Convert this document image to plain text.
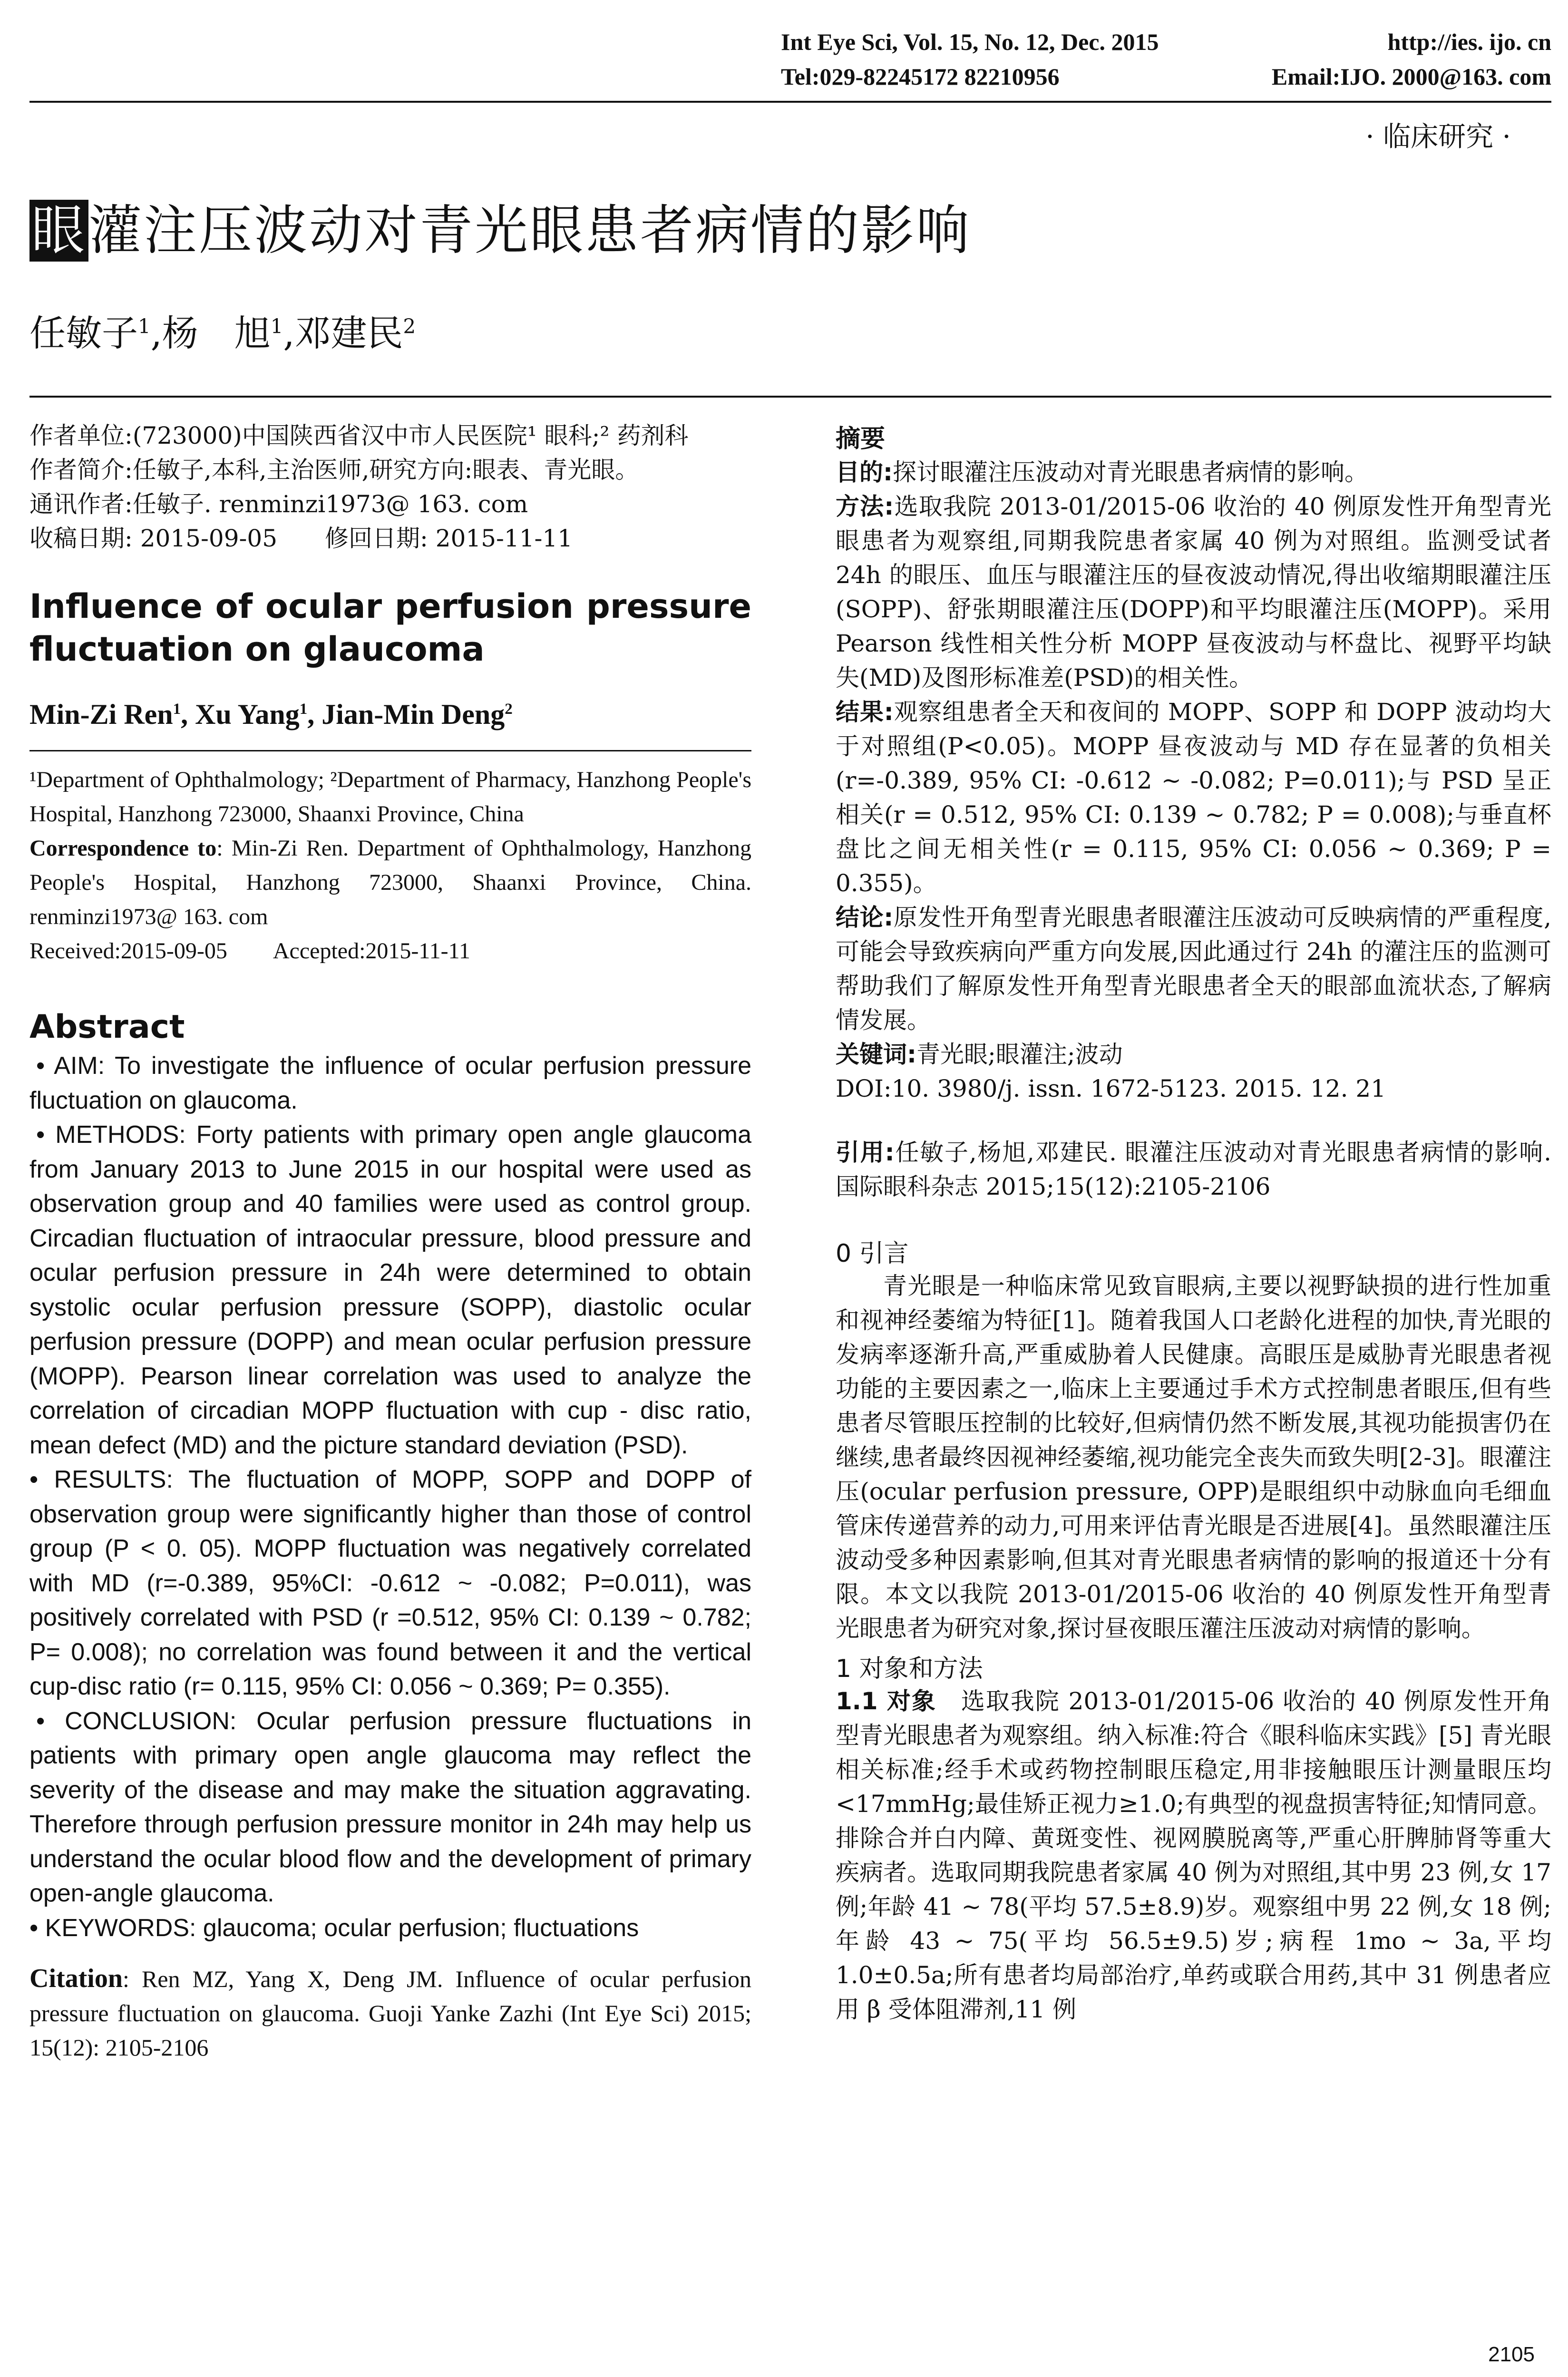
Int Eye Sci, Vol. 15, No. 12, Dec. 2015	http://ies. ijo. cn
Tel:029-82245172 82210956	Email:IJO. 2000@163. com
· 临床研究 ·
眼灌注压波动对青光眼患者病情的影响
任敏子$^1$,杨　旭$^1$,邓建民$^2$

作者单位:(723000)中国陕西省汉中市人民医院¹ 眼科;² 药剂科

作者简介:任敏子,本科,主治医师,研究方向:眼表、青光眼。

通讯作者:任敏子. renminzi1973@ 163. com

收稿日期: 2015-09-05　　修回日期: 2015-11-11

Influence of ocular perfusion pressure fluctuation on glaucoma
Min-Zi Ren$^1$, Xu Yang$^1$, Jian-Min Deng$^2$

¹Department of Ophthalmology; ²Department of Pharmacy, Hanzhong People's Hospital, Hanzhong 723000, Shaanxi Province, China

Correspondence to: Min-Zi Ren. Department of Ophthalmology, Hanzhong People's Hospital, Hanzhong 723000, Shaanxi Province, China. renminzi1973@ 163. com

Received:2015-09-05　　Accepted:2015-11-11

Abstract

• AIM: To investigate the influence of ocular perfusion pressure fluctuation on glaucoma.

• METHODS: Forty patients with primary open angle glaucoma from January 2013 to June 2015 in our hospital were used as observation group and 40 families were used as control group. Circadian fluctuation of intraocular pressure, blood pressure and ocular perfusion pressure in 24h were determined to obtain systolic ocular perfusion pressure (SOPP), diastolic ocular perfusion pressure (DOPP) and mean ocular perfusion pressure (MOPP). Pearson linear correlation was used to analyze the correlation of circadian MOPP fluctuation with cup - disc ratio, mean defect (MD) and the picture standard deviation (PSD).

• RESULTS: The fluctuation of MOPP, SOPP and DOPP of observation group were significantly higher than those of control group (P < 0. 05). MOPP fluctuation was negatively correlated with MD (r=-0.389, 95%CI: -0.612 ~ -0.082; P=0.011), was positively correlated with PSD (r =0.512, 95% CI: 0.139 ~ 0.782; P= 0.008); no correlation was found between it and the vertical cup-disc ratio (r= 0.115, 95% CI: 0.056 ~ 0.369; P= 0.355).

• CONCLUSION: Ocular perfusion pressure fluctuations in patients with primary open angle glaucoma may reflect the severity of the disease and may make the situation aggravating. Therefore through perfusion pressure monitor in 24h may help us understand the ocular blood flow and the development of primary open-angle glaucoma.

• KEYWORDS: glaucoma; ocular perfusion; fluctuations

Citation: Ren MZ, Yang X, Deng JM. Influence of ocular perfusion pressure fluctuation on glaucoma. Guoji Yanke Zazhi (Int Eye Sci) 2015; 15(12): 2105-2106
摘要

目的:探讨眼灌注压波动对青光眼患者病情的影响。

方法:选取我院 2013-01/2015-06 收治的 40 例原发性开角型青光眼患者为观察组,同期我院患者家属 40 例为对照组。监测受试者 24h 的眼压、血压与眼灌注压的昼夜波动情况,得出收缩期眼灌注压(SOPP)、舒张期眼灌注压(DOPP)和平均眼灌注压(MOPP)。采用 Pearson 线性相关性分析 MOPP 昼夜波动与杯盘比、视野平均缺失(MD)及图形标准差(PSD)的相关性。

结果:观察组患者全天和夜间的 MOPP、SOPP 和 DOPP 波动均大于对照组(P<0.05)。MOPP 昼夜波动与 MD 存在显著的负相关(r=-0.389, 95% CI: -0.612 ~ -0.082; P=0.011);与 PSD 呈正相关(r = 0.512, 95% CI: 0.139 ~ 0.782; P = 0.008);与垂直杯盘比之间无相关性(r = 0.115, 95% CI: 0.056 ~ 0.369; P = 0.355)。

结论:原发性开角型青光眼患者眼灌注压波动可反映病情的严重程度,可能会导致疾病向严重方向发展,因此通过行 24h 的灌注压的监测可帮助我们了解原发性开角型青光眼患者全天的眼部血流状态,了解病情发展。

关键词:青光眼;眼灌注;波动

DOI:10. 3980/j. issn. 1672-5123. 2015. 12. 21

引用:任敏子,杨旭,邓建民. 眼灌注压波动对青光眼患者病情的影响. 国际眼科杂志 2015;15(12):2105-2106

0 引言
青光眼是一种临床常见致盲眼病,主要以视野缺损的进行性加重和视神经萎缩为特征[1]。随着我国人口老龄化进程的加快,青光眼的发病率逐渐升高,严重威胁着人民健康。高眼压是威胁青光眼患者视功能的主要因素之一,临床上主要通过手术方式控制患者眼压,但有些患者尽管眼压控制的比较好,但病情仍然不断发展,其视功能损害仍在继续,患者最终因视神经萎缩,视功能完全丧失而致失明[2-3]。眼灌注压(ocular perfusion pressure, OPP)是眼组织中动脉血向毛细血管床传递营养的动力,可用来评估青光眼是否进展[4]。虽然眼灌注压波动受多种因素影响,但其对青光眼患者病情的影响的报道还十分有限。本文以我院 2013-01/2015-06 收治的 40 例原发性开角型青光眼患者为研究对象,探讨昼夜眼压灌注压波动对病情的影响。
1 对象和方法

1.1 对象　选取我院 2013-01/2015-06 收治的 40 例原发性开角型青光眼患者为观察组。纳入标准:符合《眼科临床实践》[5] 青光眼相关标准;经手术或药物控制眼压稳定,用非接触眼压计测量眼压均<17mmHg;最佳矫正视力≥1.0;有典型的视盘损害特征;知情同意。排除合并白内障、黄斑变性、视网膜脱离等,严重心肝脾肺肾等重大疾病者。选取同期我院患者家属 40 例为对照组,其中男 23 例,女 17 例;年龄 41 ~ 78(平均 57.5±8.9)岁。观察组中男 22 例,女 18 例;年龄 43 ~ 75(平均 56.5±9.5)岁;病程 1mo ~ 3a,平均 1.0±0.5a;所有患者均局部治疗,单药或联合用药,其中 31 例患者应用 β 受体阻滞剂,11 例

2105
